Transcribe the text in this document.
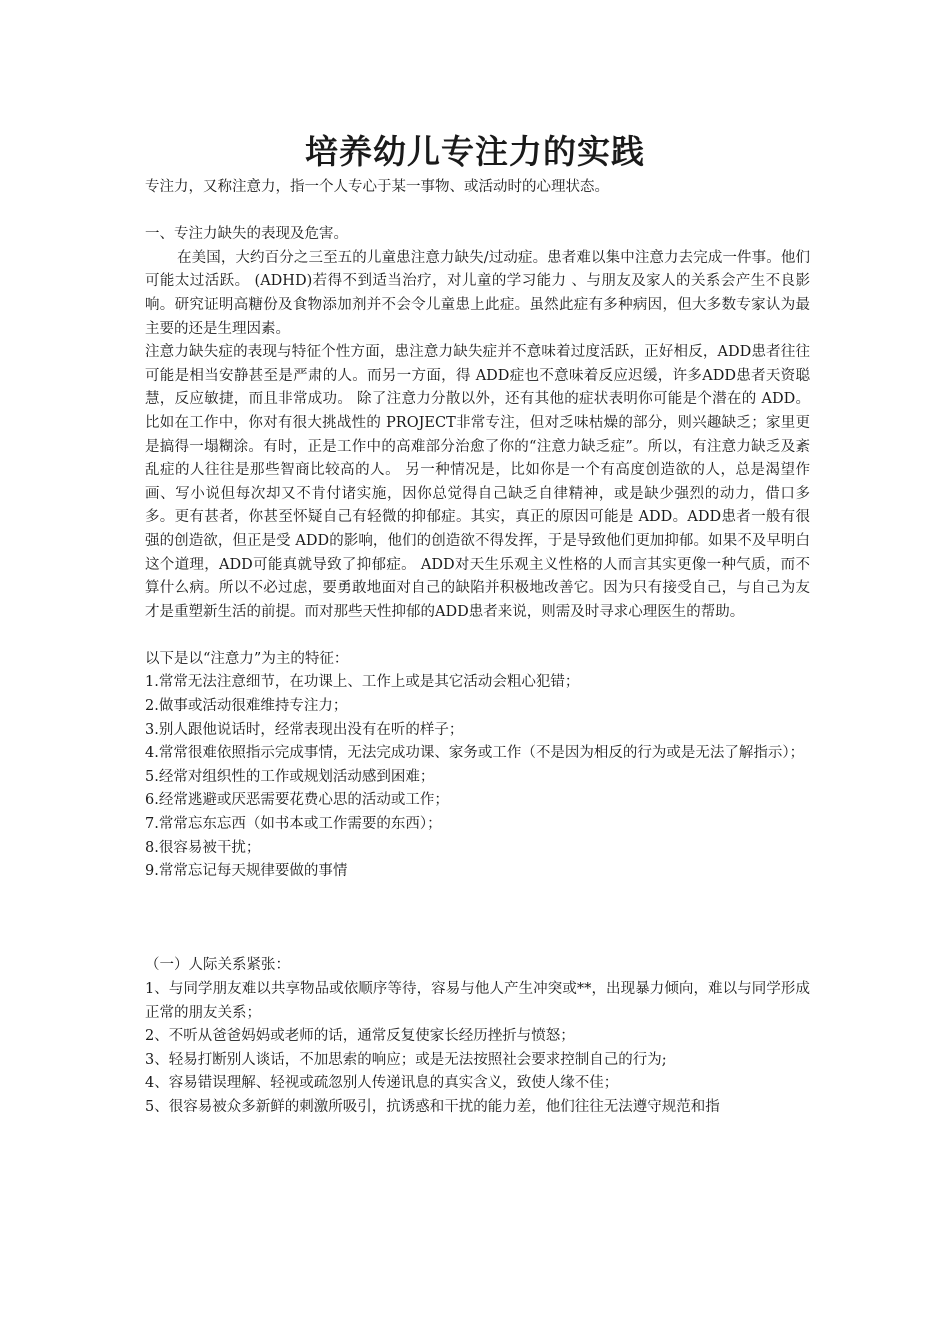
培养幼儿专注力的实践

专注力，又称注意力，指一个人专心于某一事物、或活动时的心理状态。

一、专注力缺失的表现及危害。

在美国，大约百分之三至五的儿童患注意力缺失/过动症。患者难以集中注意力去完成一件事。他们可能太过活跃。 (ADHD)若得不到适当治疗，对儿童的学习能力 、与朋友及家人的关系会产生不良影响。研究证明高糖份及食物添加剂并不会令儿童患上此症。虽然此症有多种病因，但大多数专家认为最主要的还是生理因素。

注意力缺失症的表现与特征个性方面，患注意力缺失症并不意味着过度活跃，正好相反，ADD患者往往可能是相当安静甚至是严肃的人。而另一方面，得 ADD症也不意味着反应迟缓，许多ADD患者天资聪慧，反应敏捷，而且非常成功。 除了注意力分散以外，还有其他的症状表明你可能是个潜在的 ADD。比如在工作中，你对有很大挑战性的 PROJECT非常专注，但对乏味枯燥的部分，则兴趣缺乏；家里更是搞得一塌糊涂。有时，正是工作中的高难部分治愈了你的“注意力缺乏症”。所以，有注意力缺乏及紊乱症的人往往是那些智商比较高的人。 另一种情况是，比如你是一个有高度创造欲的人，总是渴望作画、写小说但每次却又不肯付诸实施，因你总觉得自己缺乏自律精神，或是缺少强烈的动力，借口多多。更有甚者，你甚至怀疑自己有轻微的抑郁症。其实，真正的原因可能是 ADD。ADD患者一般有很强的创造欲，但正是受 ADD的影响，他们的创造欲不得发挥，于是导致他们更加抑郁。如果不及早明白这个道理，ADD可能真就导致了抑郁症。 ADD对天生乐观主义性格的人而言其实更像一种气质，而不算什么病。所以不必过虑，要勇敢地面对自己的缺陷并积极地改善它。因为只有接受自己，与自己为友才是重塑新生活的前提。而对那些天性抑郁的ADD患者来说，则需及时寻求心理医生的帮助。

以下是以“注意力”为主的特征：

1.常常无法注意细节，在功课上、工作上或是其它活动会粗心犯错；

2.做事或活动很难维持专注力；

3.别人跟他说话时，经常表现出没有在听的样子；

4.常常很难依照指示完成事情，无法完成功课、家务或工作（不是因为相反的行为或是无法了解指示）；

5.经常对组织性的工作或规划活动感到困难；

6.经常逃避或厌恶需要花费心思的活动或工作；

7.常常忘东忘西（如书本或工作需要的东西）；

8.很容易被干扰；

9.常常忘记每天规律要做的事情

（一）人际关系紧张：

1、与同学朋友难以共享物品或依顺序等待，容易与他人产生冲突或**，出现暴力倾向，难以与同学形成正常的朋友关系；

2、不听从爸爸妈妈或老师的话，通常反复使家长经历挫折与愤怒；

3、轻易打断别人谈话，不加思索的响应；或是无法按照社会要求控制自己的行为;

4、容易错误理解、轻视或疏忽别人传递讯息的真实含义，致使人缘不佳；

5、很容易被众多新鲜的刺激所吸引，抗诱惑和干扰的能力差，他们往往无法遵守规范和指
